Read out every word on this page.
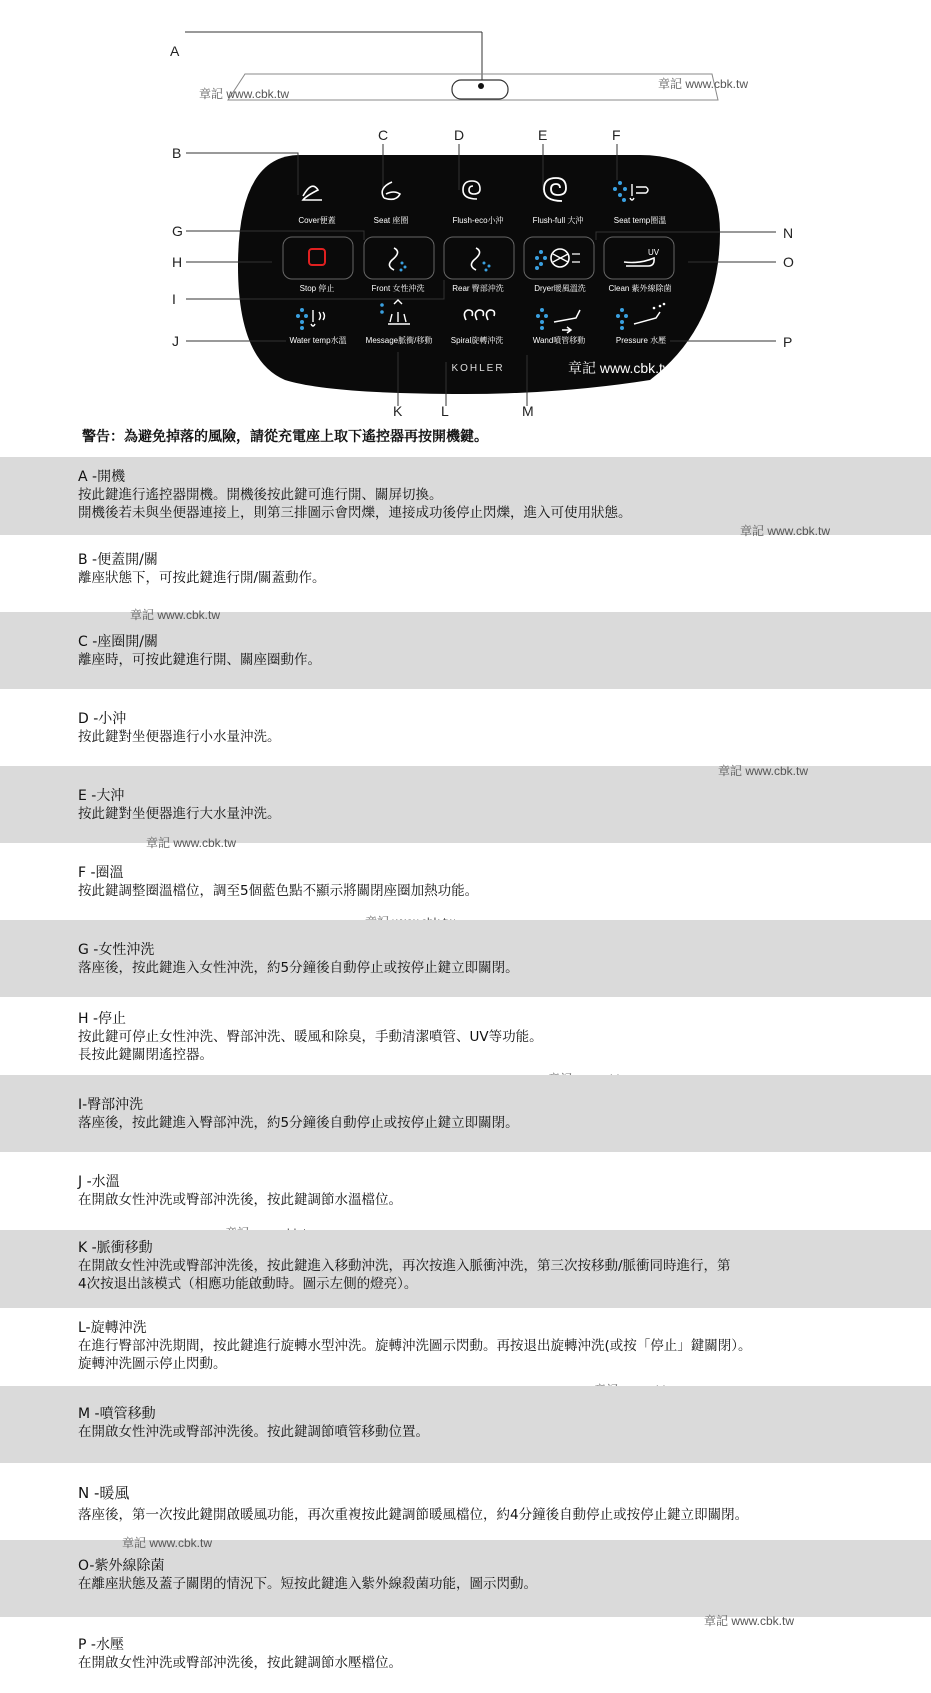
A
B
C	D	E	F
G
H
I
J
K	L	M
N
O
P
Cover便蓋	Seat 座圈	Flush-eco小沖	Flush-full 大沖	Seat temp圈溫
UV
Stop 停止	Front 女性沖洗	Rear 臀部沖洗	Dryer暖風溫洗	Clean 紫外線除菌
Water temp水溫 Message脈衝/移動 Spiral旋轉沖洗	Wand噴管移動	Pressure 水壓
KOHLER	章記 www.cbk.tw
章記 www.cbk.tw
章記 www.cbk.tw
警告：為避免掉落的風險，請從充電座上取下遙控器再按開機鍵。
A -開機
按此鍵進行遙控器開機。開機後按此鍵可進行開、關屏切換。
開機後若未與坐便器連接上，則第三排圖示會閃爍，連接成功後停止閃爍，進入可使用狀態。
章記 www.cbk.tw
B -便蓋開/關
離座狀態下，可按此鍵進行開/關蓋動作。
C -座圈開/關
離座時，可按此鍵進行開、關座圈動作。
章記 www.cbk.tw
D -小沖
按此鍵對坐便器進行小水量沖洗。
E -大沖
按此鍵對坐便器進行大水量沖洗。
章記 www.cbk.tw
章記 www.cbk.tw
F -圈溫
按此鍵調整圈溫檔位，調至5個藍色點不顯示將關閉座圈加熱功能。
G -女性沖洗
落座後，按此鍵進入女性沖洗，約5分鐘後自動停止或按停止鍵立即關閉。
H -停止
按此鍵可停止女性沖洗、臀部沖洗、暖風和除臭，手動清潔噴管、UV等功能。
長按此鍵關閉遙控器。
I-臀部沖洗
落座後，按此鍵進入臀部沖洗，約5分鐘後自動停止或按停止鍵立即關閉。
J -水溫
在開啟女性沖洗或臀部沖洗後，按此鍵調節水溫檔位。
K -脈衝移動
在開啟女性沖洗或臀部沖洗後，按此鍵進入移動沖洗，再次按進入脈衝沖洗，第三次按移動/脈衝同時進行，第
4次按退出該模式（相應功能啟動時。圖示左側的燈亮）。
L-旋轉沖洗
在進行臀部沖洗期間，按此鍵進行旋轉水型沖洗。旋轉沖洗圖示閃動。再按退出旋轉沖洗(或按「停止」鍵關閉）。
旋轉沖洗圖示停止閃動。
M -噴管移動
在開啟女性沖洗或臀部沖洗後。按此鍵調節噴管移動位置。
N -暖風
落座後，第一次按此鍵開啟暖風功能，再次重複按此鍵調節暖風檔位，約4分鐘後自動停止或按停止鍵立即關閉。
O-紫外線除菌
在離座狀態及蓋子關閉的情況下。短按此鍵進入紫外線殺菌功能，圖示閃動。
章記 www.cbk.tw
章記 www.cbk.tw
P -水壓
在開啟女性沖洗或臀部沖洗後，按此鍵調節水壓檔位。
